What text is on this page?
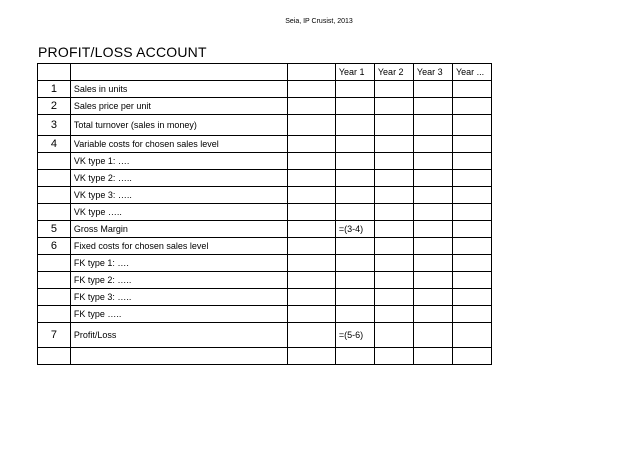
Seia, IP Crusist, 2013
PROFIT/LOSS ACCOUNT
			Year 1	Year 2	Year 3	Year ...
1	Sales in units					
2	Sales price per unit					
3	Total turnover (sales in money)					
4	Variable costs for chosen sales level					
	VK type 1: ….					
	VK type 2: …..					
	VK type 3: …..					
	VK type …..					
5	Gross Margin		=(3-4)			
6	Fixed costs for chosen sales level					
	FK type 1: ….					
	FK type 2: …..					
	FK type 3: …..					
	FK type …..					
7	Profit/Loss		=(5-6)			
